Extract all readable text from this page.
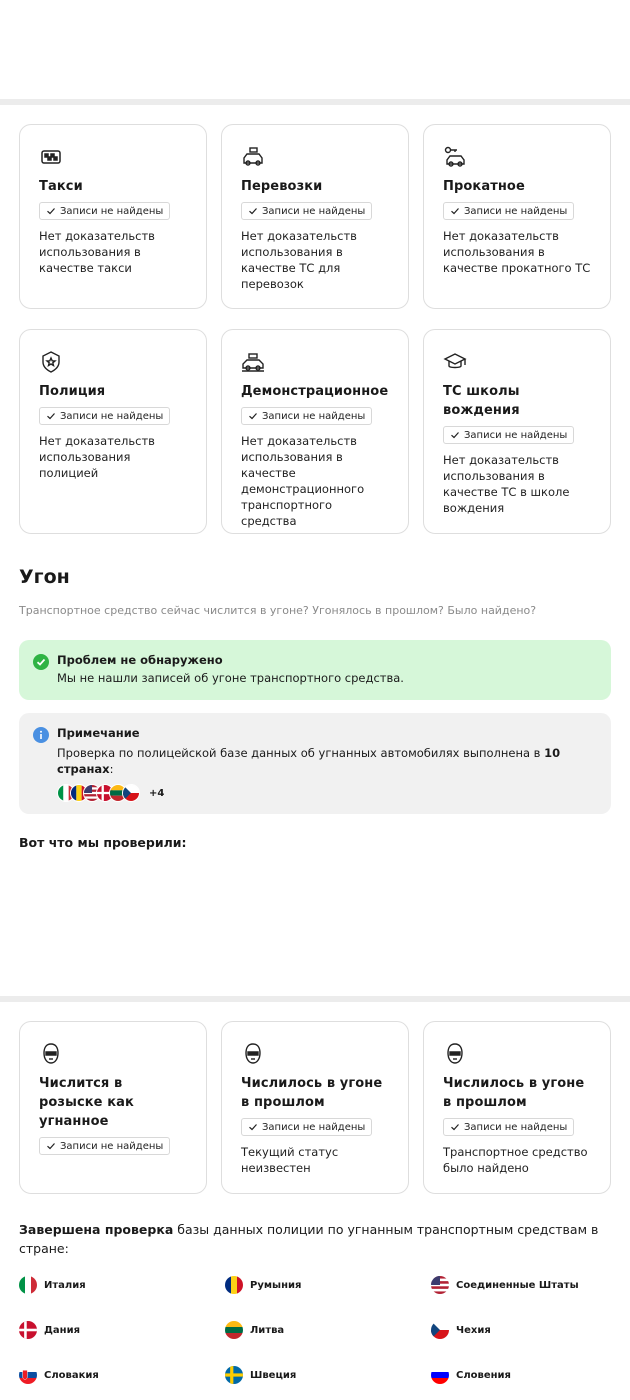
Такси
Записи не найдены
Нет доказательств использования в качестве такси
Перевозки
Записи не найдены
Нет доказательств использования в качестве ТС для перевозок
Прокатное
Записи не найдены
Нет доказательств использования в качестве прокатного ТС
Полиция
Записи не найдены
Нет доказательств использования полицией
Демонстрационное
Записи не найдены
Нет доказательств использования в качестве демонстрационного транспортного средства
ТС школы вождения
Записи не найдены
Нет доказательств использования в качестве ТС в школе вождения
Угон
Транспортное средство сейчас числится в угоне? Угонялось в прошлом? Было найдено?
Проблем не обнаружено
Мы не нашли записей об угоне транспортного средства.
Примечание
Проверка по полицейской базе данных об угнанных автомобилях выполнена в 10 странах:
+4
Вот что мы проверили:
Числится в розыске как угнанное
Записи не найдены
Числилось в угоне в прошлом
Записи не найдены
Текущий статус неизвестен
Числилось в угоне в прошлом
Записи не найдены
Транспортное средство было найдено
Завершена проверка базы данных полиции по угнанным транспортным средствам в стране:
Италия	Румыния	Соединенные Штаты
Дания	Литва	Чехия
Словакия	Швеция	Словения
